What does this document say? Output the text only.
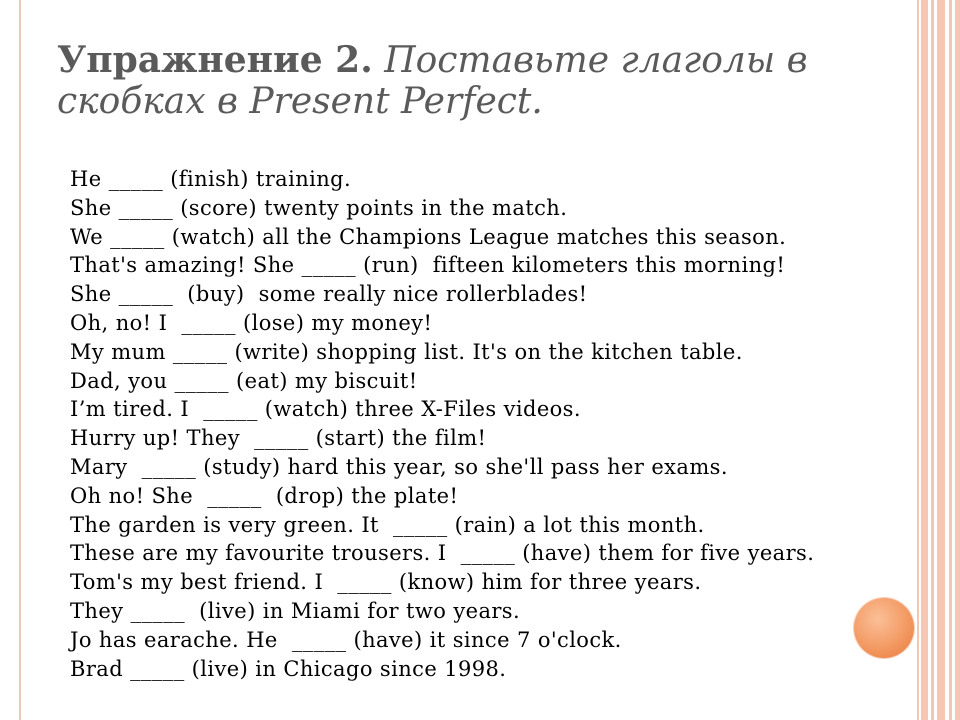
Упражнение 2. Поставьте глаголы в скобках в Present Perfect.
He _____ (finish) training.
She _____ (score) twenty points in the match.
We _____ (watch) all the Champions League matches this season.
That's amazing! She _____ (run)  fifteen kilometers this morning!
She _____  (buy)  some really nice rollerblades!
Oh, no! I  _____ (lose) my money!
My mum _____ (write) shopping list. It's on the kitchen table.
Dad, you _____ (eat) my biscuit!
I’m tired. I  _____ (watch) three X-Files videos.
Hurry up! They  _____ (start) the film!
Mary  _____ (study) hard this year, so she'll pass her exams.
Oh no! She  _____  (drop) the plate!
The garden is very green. It  _____ (rain) a lot this month.
These are my favourite trousers. I  _____ (have) them for five years.
Tom's my best friend. I  _____ (know) him for three years.
They _____  (live) in Miami for two years.
Jo has earache. He  _____ (have) it since 7 o'clock.
Brad _____ (live) in Chicago since 1998.
